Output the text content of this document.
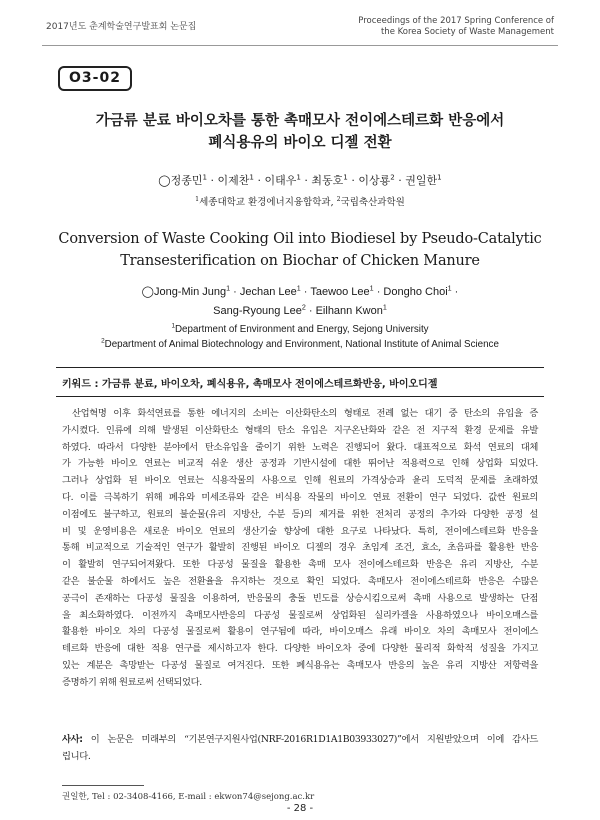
2017년도 춘계학술연구발표회 논문집
Proceedings of the 2017 Spring Conference of
the Korea Society of Waste Management
O3-02
가금류 분료 바이오차를 통한 촉매모사 전이에스테르화 반응에서
폐식용유의 바이오 디젤 전환
◯정종민$^1$ · 이제찬$^1$ · 이태우$^1$ · 최동호$^1$ · 이상룡$^2$ · 권일한$^1$
$^1$세종대학교 환경에너지융합학과, $^2$국립축산과학원
Conversion of Waste Cooking Oil into Biodiesel by Pseudo-Catalytic
Transesterification on Biochar of Chicken Manure
◯Jong-Min Jung$^1$ · Jechan Lee$^1$ · Taewoo Lee$^1$ · Dongho Choi$^1$ ·
Sang-Ryoung Lee$^2$ · Eilhann Kwon$^1$
$^1$Department of Environment and Energy, Sejong University
$^2$Department of Animal Biotechnology and Environment, National Institute of Animal Science
키워드 : 가금류 분료, 바이오차, 폐식용유, 촉매모사 전이에스테르화반응, 바이오디젤
산업혁명 이후 화석연료를 통한 에너지의 소비는 이산화탄소의 형태로 전례 없는 대기 중 탄소의 유입을 증
가시켰다. 인류에 의해 발생된 이산화탄소 형태의 탄소 유입은 지구온난화와 같은 전 지구적 환경 문제를 유발
하였다. 따라서 다양한 분야에서 탄소유입을 줄이기 위한 노력은 진행되어 왔다. 대표적으로 화석 연료의 대체
가 가능한 바이오 연료는 비교적 쉬운 생산 공정과 기반시설에 대한 뛰어난 적용력으로 인해 상업화 되었다.
그러나 상업화 된 바이오 연료는 식용작물의 사용으로 인해 원료의 가격상승과 윤리 도덕적 문제를 초래하였
다. 이를 극복하기 위해 폐유와 미세조류와 같은 비식용 작물의 바이오 연료 전환이 연구 되었다. 값싼 원료의
이점에도 불구하고, 원료의 불순물(유리 지방산, 수분 등)의 제거를 위한 전처리 공정의 추가와 다양한 공정 설
비 및 운영비용은 새로운 바이오 연료의 생산기술 향상에 대한 요구로 나타났다. 특히, 전이에스테르화 반응을
통해 비교적으로 기술적인 연구가 활발히 진행된 바이오 디젤의 경우 초임계 조건, 효소, 초음파를 활용한 반응
이 활발히 연구되어져왔다. 또한 다공성 물질을 활용한 촉매 모사 전이에스테르화 반응은 유리 지방산, 수분
같은 불순물 하에서도 높은 전환율을 유지하는 것으로 확인 되었다. 촉매모사 전이에스테르화 반응은 수많은
공극이 존재하는 다공성 물질을 이용하여, 반응물의 충돌 빈도를 상승시킴으로써 촉매 사용으로 발생하는 단점
을 최소화하였다. 이전까지 촉매모사반응의 다공성 물질로써 상업화된 실리카겔을 사용하였으나 바이오매스를
활용한 바이오 차의 다공성 물질로써 활용이 연구됨에 따라, 바이오매스 유래 바이오 차의 촉매모사 전이에스
테르화 반응에 대한 적용 연구를 제시하고자 한다. 다양한 바이오차 중에 다양한 물리적 화학적 성질을 가지고
있는 계분은 촉망받는 다공성 물질로 여겨진다. 또한 폐식용유는 촉매모사 반응의 높은 유리 지방산 저항력을
증명하기 위해 원료로써 선택되었다.
사사: 이 논문은 미래부의 “기본연구지원사업(NRF-2016R1D1A1B03933027)”에서 지원받았으며 이에 감사드
립니다.
권일한, Tel : 02-3408-4166, E-mail : ekwon74@sejong.ac.kr
- 28 -
